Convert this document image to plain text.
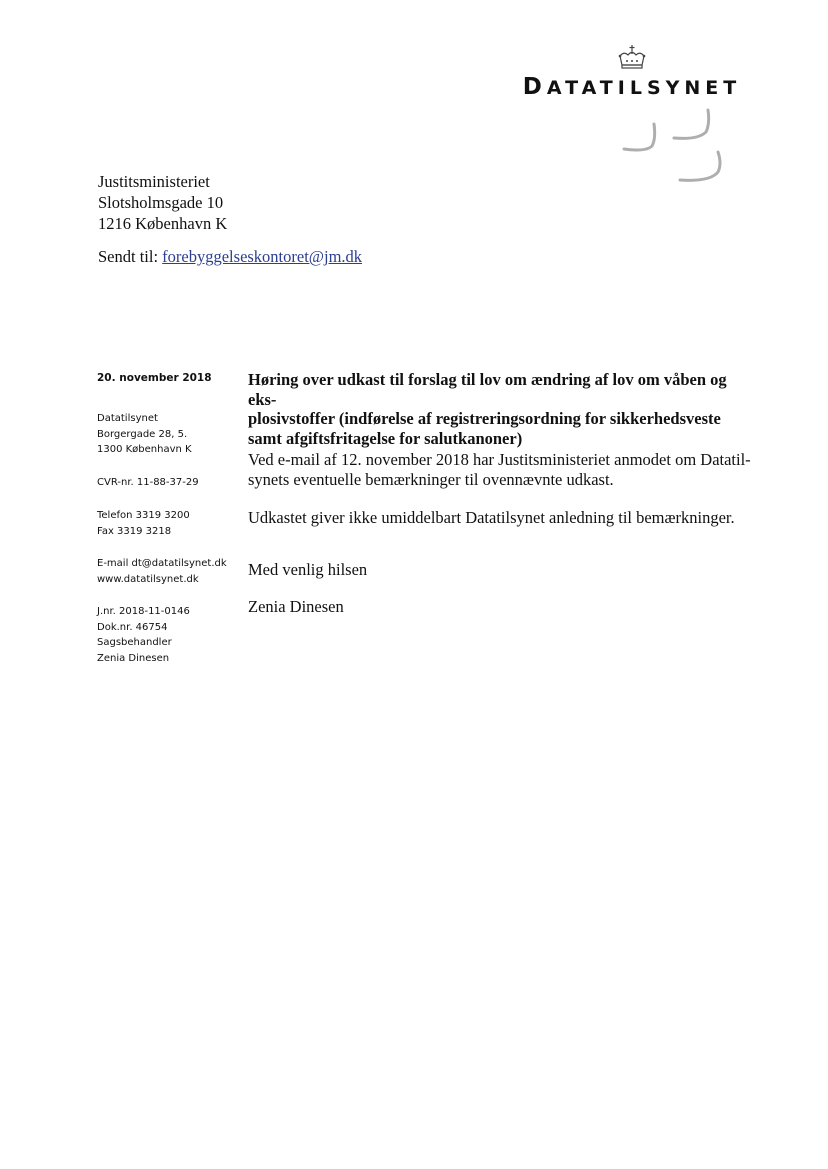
DATATILSYNET
Justitsministeriet
Slotsholmsgade 10
1216 København K
Sendt til: forebyggelseskontoret@jm.dk
20. november 2018
Datatilsynet
Borgergade 28, 5.
1300 København K
CVR-nr. 11-88-37-29
Telefon 3319 3200
Fax 3319 3218
E-mail dt@datatilsynet.dk
www.datatilsynet.dk
J.nr. 2018-11-0146
Dok.nr. 46754
Sagsbehandler
Zenia Dinesen
Høring over udkast til forslag til lov om ændring af lov om våben og eks-
plosivstoffer (indførelse af registreringsordning for sikkerhedsveste
samt afgiftsfritagelse for salutkanoner)
Ved e-mail af 12. november 2018 har Justitsministeriet anmodet om Datatil-
synets eventuelle bemærkninger til ovennævnte udkast.
Udkastet giver ikke umiddelbart Datatilsynet anledning til bemærkninger.
Med venlig hilsen
Zenia Dinesen
